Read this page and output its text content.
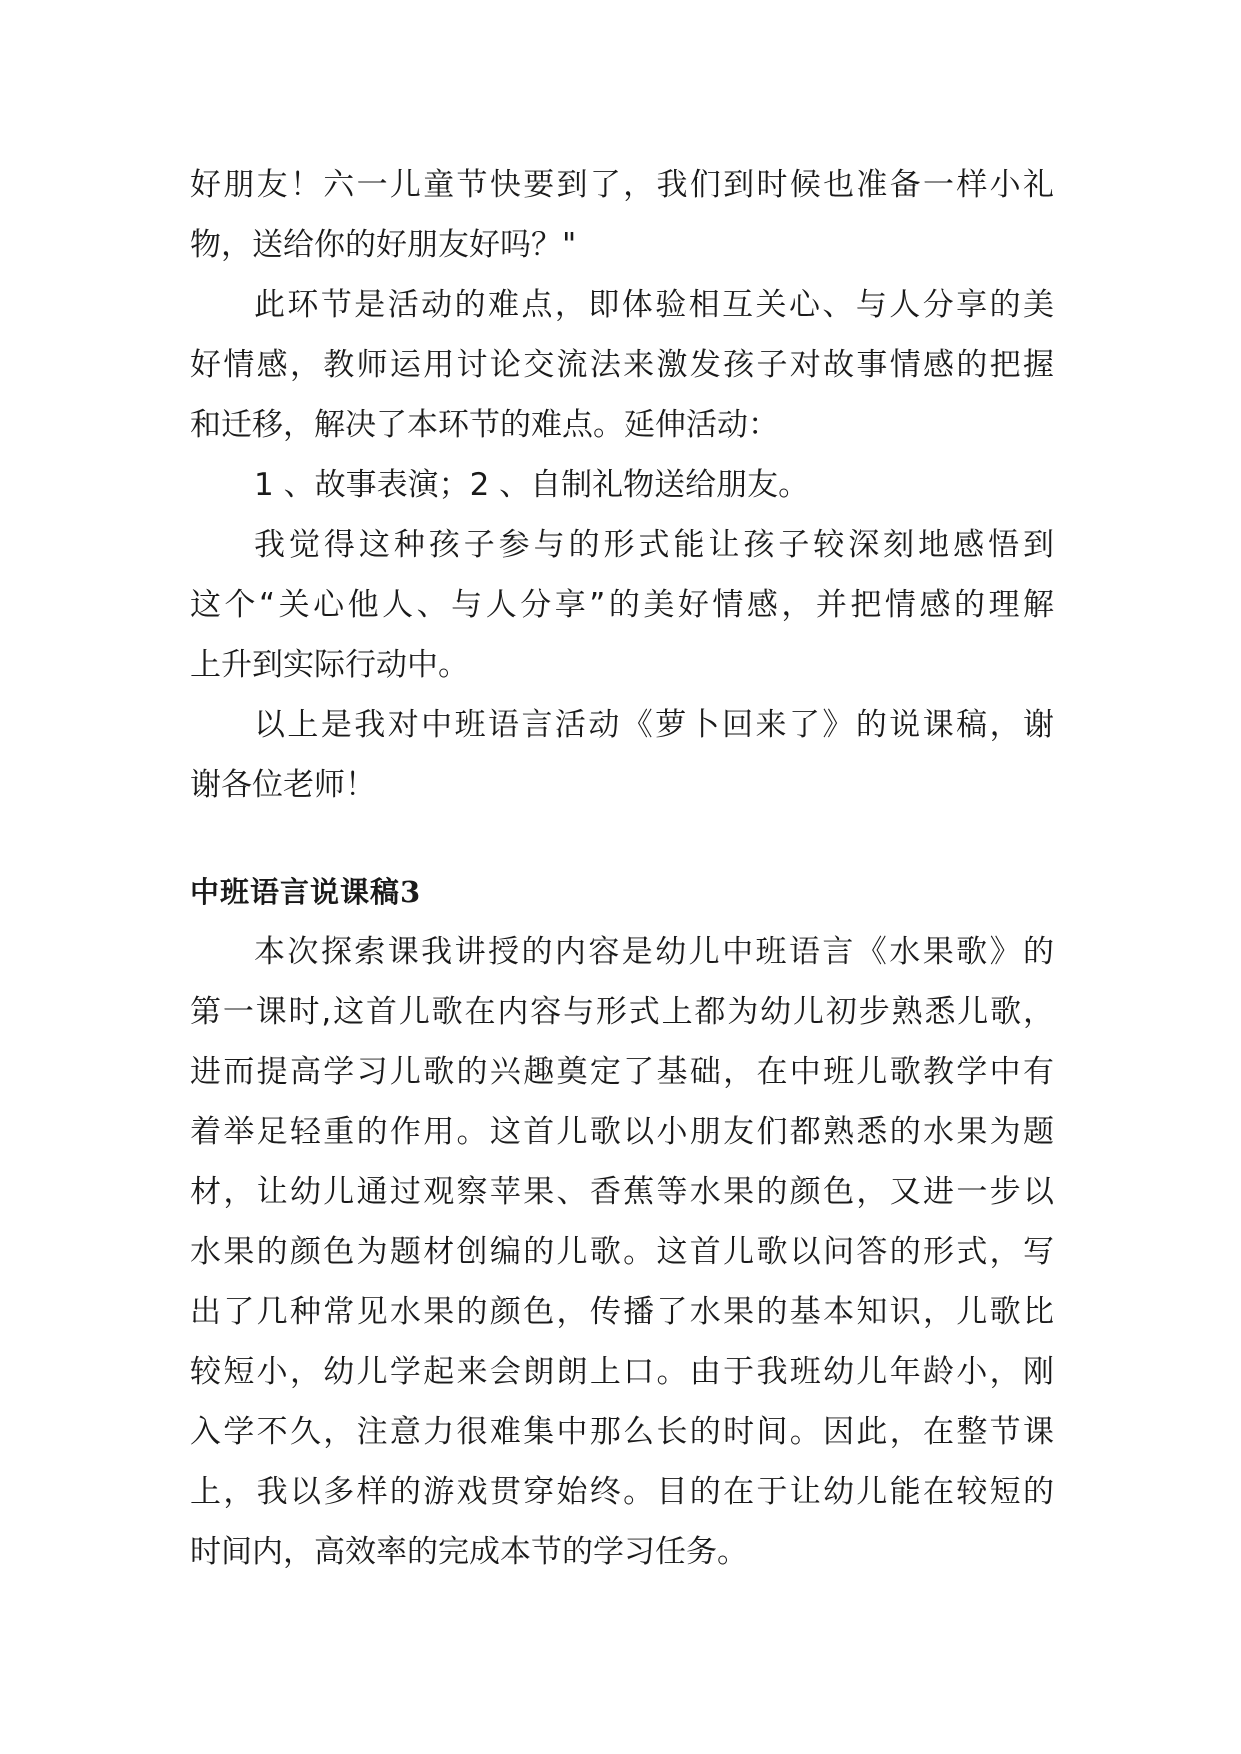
好朋友！六一儿童节快要到了，我们到时候也准备一样小礼

物，送给你的好朋友好吗？"

此环节是活动的难点，即体验相互关心、与人分享的美

好情感，教师运用讨论交流法来激发孩子对故事情感的把握

和迁移，解决了本环节的难点。延伸活动：

1 、故事表演；2 、自制礼物送给朋友。

我觉得这种孩子参与的形式能让孩子较深刻地感悟到

这个“关心他人、与人分享”的美好情感，并把情感的理解

上升到实际行动中。

以上是我对中班语言活动《萝卜回来了》的说课稿，谢

谢各位老师！

中班语言说课稿3

本次探索课我讲授的内容是幼儿中班语言《水果歌》的

第一课时,这首儿歌在内容与形式上都为幼儿初步熟悉儿歌，

进而提高学习儿歌的兴趣奠定了基础，在中班儿歌教学中有

着举足轻重的作用。这首儿歌以小朋友们都熟悉的水果为题

材，让幼儿通过观察苹果、香蕉等水果的颜色，又进一步以

水果的颜色为题材创编的儿歌。这首儿歌以问答的形式，写

出了几种常见水果的颜色，传播了水果的基本知识，儿歌比

较短小，幼儿学起来会朗朗上口。由于我班幼儿年龄小，刚

入学不久，注意力很难集中那么长的时间。因此，在整节课

上，我以多样的游戏贯穿始终。目的在于让幼儿能在较短的

时间内，高效率的完成本节的学习任务。
